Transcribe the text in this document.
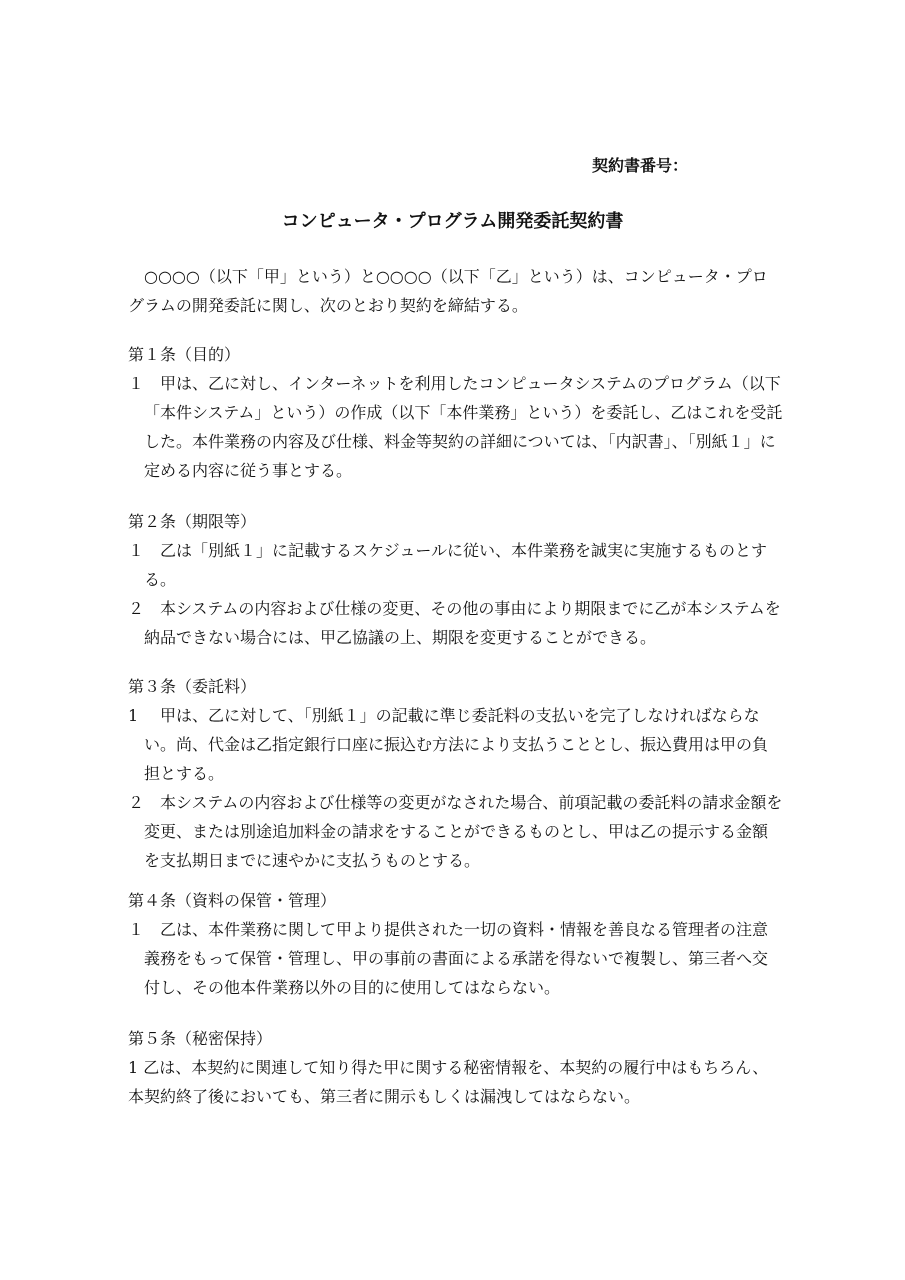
契約書番号：
コンピュータ・プログラム開発委託契約書

○○○○（以下「甲」という）と○○○○（以下「乙」という）は、コンピュータ・プログラムの開発委託に関し、次のとおり契約を締結する。

第１条（目的）

１ 甲は、乙に対し、インターネットを利用したコンピュータシステムのプログラム（以下「本件システム」という）の作成（以下「本件業務」という）を委託し、乙はこれを受託した。本件業務の内容及び仕様、料金等契約の詳細については、「内訳書」、「別紙１」に定める内容に従う事とする。

第２条（期限等）

１ 乙は「別紙１」に記載するスケジュールに従い、本件業務を誠実に実施するものとする。

２ 本システムの内容および仕様の変更、その他の事由により期限までに乙が本システムを納品できない場合には、甲乙協議の上、期限を変更することができる。

第３条（委託料）

1	甲は、乙に対して、「別紙１」の記載に準じ委託料の支払いを完了しなければならない。尚、代金は乙指定銀行口座に振込む方法により支払うこととし、振込費用は甲の負担とする。

２ 本システムの内容および仕様等の変更がなされた場合、前項記載の委託料の請求金額を変更、または別途追加料金の請求をすることができるものとし、甲は乙の提示する金額を支払期日までに速やかに支払うものとする。

第４条（資料の保管・管理）

１ 乙は、本件業務に関して甲より提供された一切の資料・情報を善良なる管理者の注意義務をもって保管・管理し、甲の事前の書面による承諾を得ないで複製し、第三者へ交付し、その他本件業務以外の目的に使用してはならない。

第５条（秘密保持）

1 乙は、本契約に関連して知り得た甲に関する秘密情報を、本契約の履行中はもちろん、本契約終了後においても、第三者に開示もしくは漏洩してはならない。
